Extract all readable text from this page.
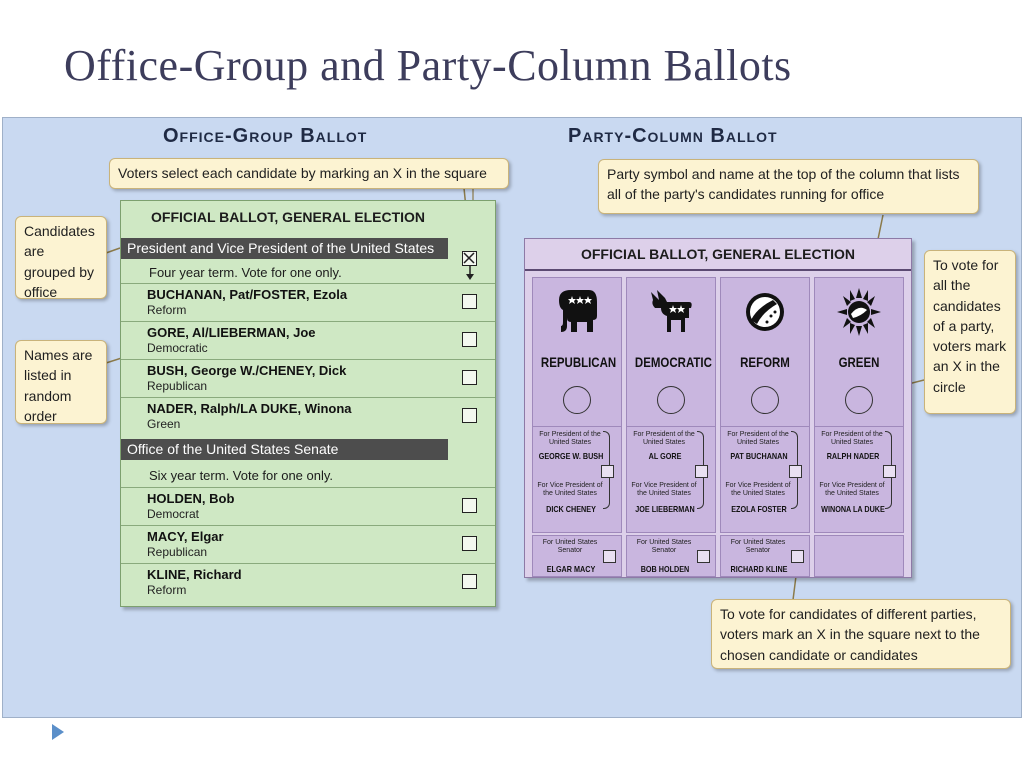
Office-Group and Party-Column Ballots
Office-Group Ballot	Party-Column Ballot
OFFICIAL BALLOT, GENERAL ELECTION
President and Vice President of the United States
Four year term. Vote for one only.
BUCHANAN, Pat/FOSTER, Ezola
Reform
GORE, Al/LIEBERMAN, Joe
Democratic
BUSH, George W./CHENEY, Dick
Republican
NADER, Ralph/LA DUKE, Winona
Green
Office of the United States Senate
Six year term. Vote for one only.
HOLDEN, Bob
Democrat
MACY, Elgar
Republican
KLINE, Richard
Reform
OFFICIAL BALLOT, GENERAL ELECTION
REPUBLICAN
For President of the United States
GEORGE W. BUSH
For Vice President of the United States
DICK CHENEY
DEMOCRATIC
For President of the United States
AL GORE
For Vice President of the United States
JOE LIEBERMAN
REFORM
For President of the United States
PAT BUCHANAN
For Vice President of the United States
EZOLA FOSTER
GREEN
For President of the United States
RALPH NADER
For Vice President of the United States
WINONA LA DUKE
For United States Senator
ELGAR MACY
For United States Senator
BOB HOLDEN
For United States Senator
RICHARD KLINE
Voters select each candidate by marking an X in the square
Candidates are grouped by office
Names are listed in random order
Party symbol and name at the top of the column that lists all of the party's candidates running for office
To vote for all the candidates of a party, voters mark an X in the circle
To vote for candidates of different parties, voters mark an X in the square next to the chosen candidate or candidates
